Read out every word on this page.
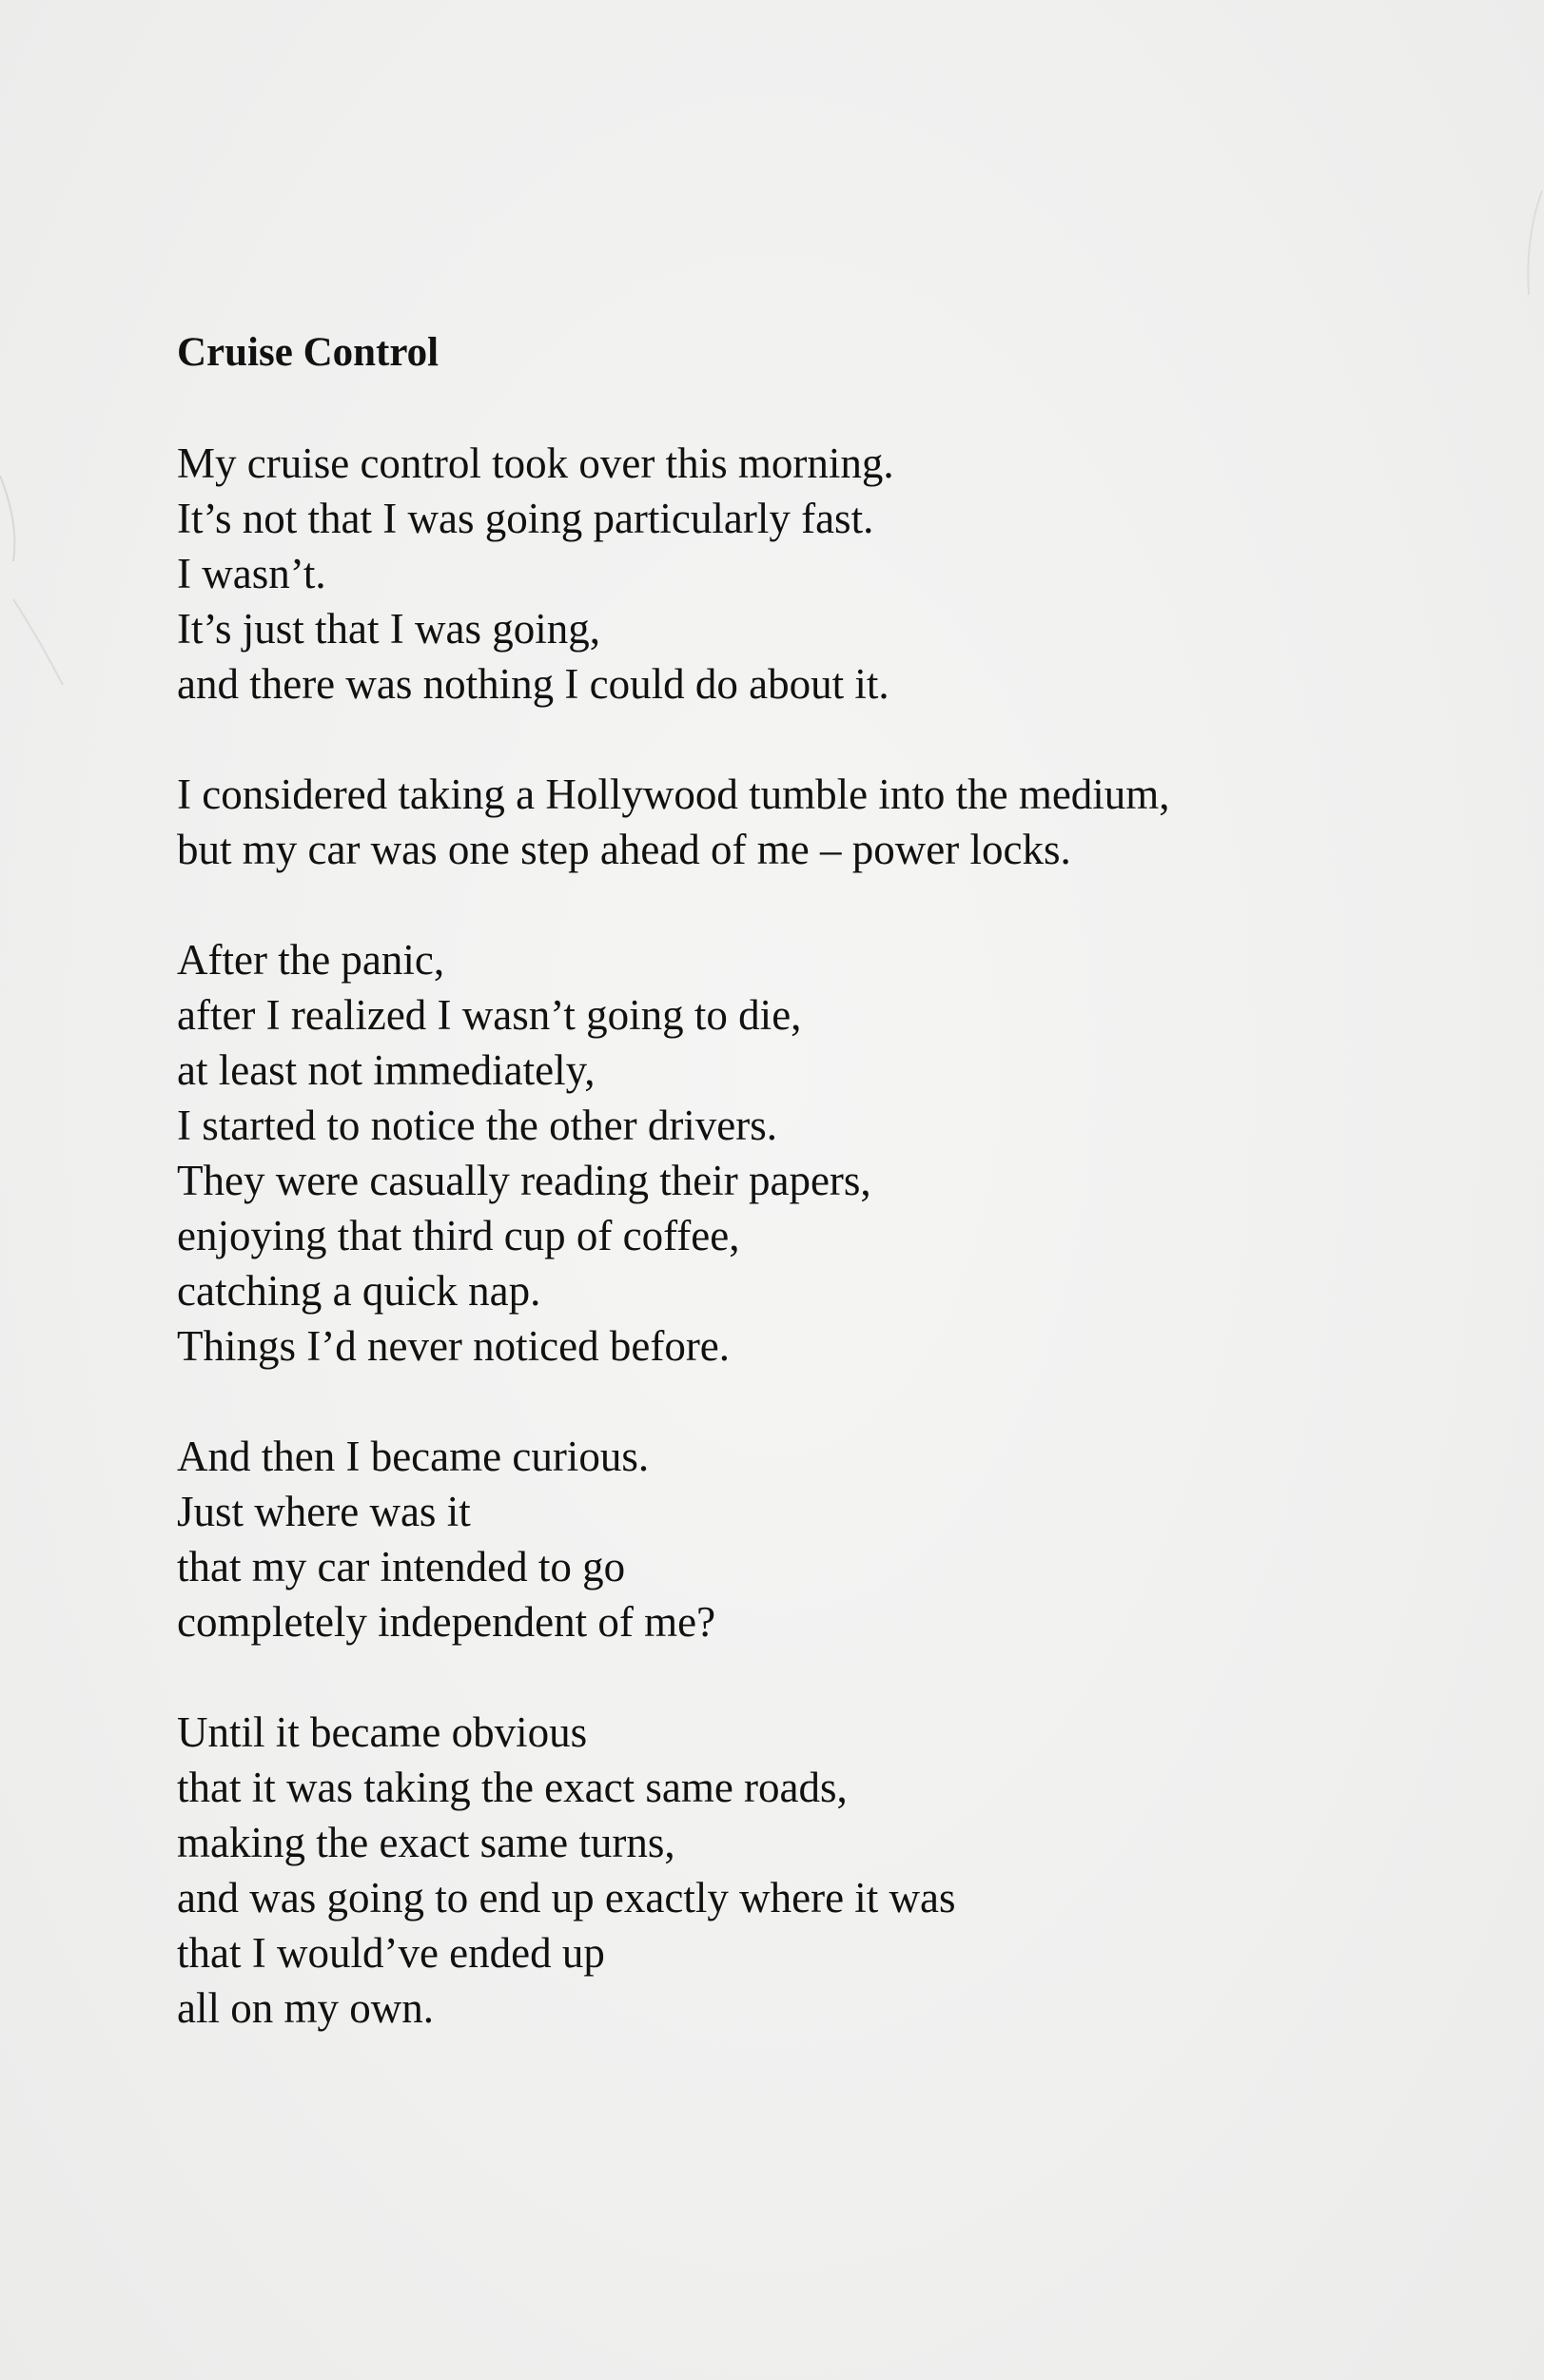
Cruise Control
My cruise control took over this morning.
It’s not that I was going particularly fast.
I wasn’t.
It’s just that I was going,
and there was nothing I could do about it.
I considered taking a Hollywood tumble into the medium,
but my car was one step ahead of me – power locks.
After the panic,
after I realized I wasn’t going to die,
at least not immediately,
I started to notice the other drivers.
They were casually reading their papers,
enjoying that third cup of coffee,
catching a quick nap.
Things I’d never noticed before.
And then I became curious.
Just where was it
that my car intended to go
completely independent of me?
Until it became obvious
that it was taking the exact same roads,
making the exact same turns,
and was going to end up exactly where it was
that I would’ve ended up
all on my own.
